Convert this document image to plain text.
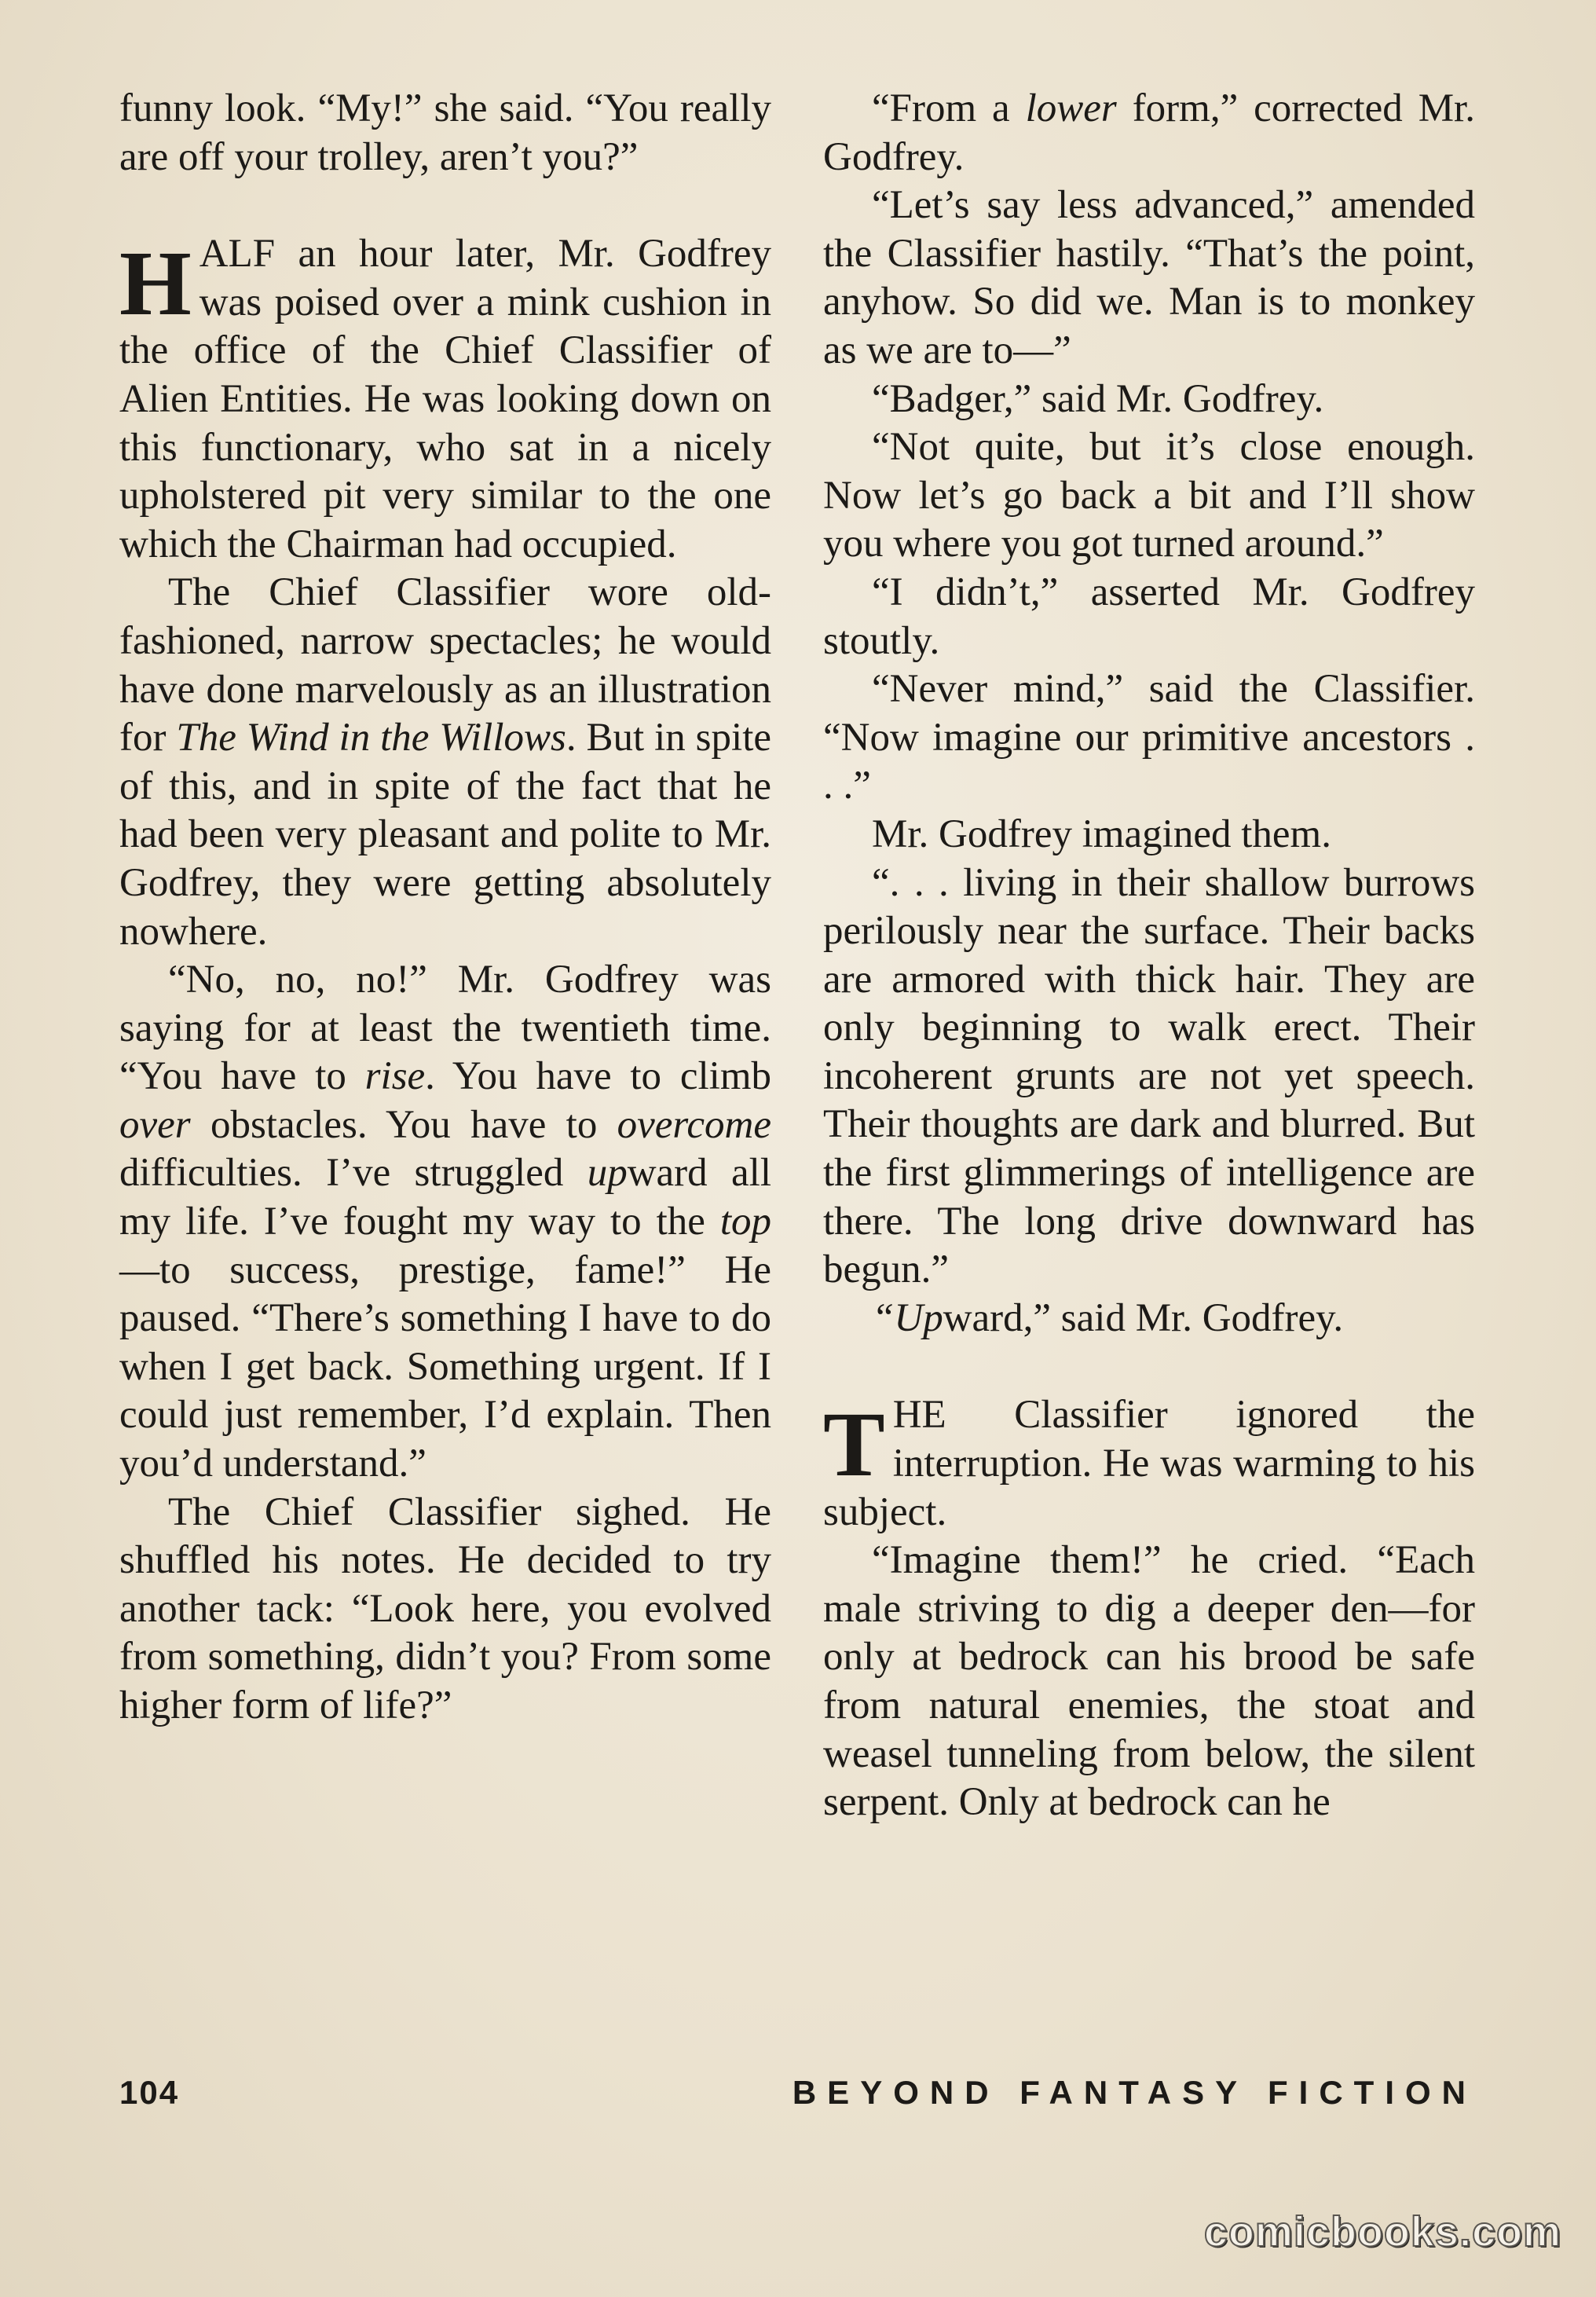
funny look. “My!” she said. “You really are off your trolley, aren’t you?”

HALF an hour later, Mr. Godfrey was poised over a mink cushion in the office of the Chief Classifier of Alien Entities. He was looking down on this functionary, who sat in a nicely upholstered pit very similar to the one which the Chairman had occupied.

The Chief Classifier wore old-fashioned, narrow spectacles; he would have done marvelously as an illustration for The Wind in the Willows. But in spite of this, and in spite of the fact that he had been very pleasant and polite to Mr. Godfrey, they were getting absolutely nowhere.

“No, no, no!” Mr. Godfrey was saying for at least the twentieth time. “You have to rise. You have to climb over obstacles. You have to overcome difficulties. I’ve struggled upward all my life. I’ve fought my way to the top—to success, prestige, fame!” He paused. “There’s something I have to do when I get back. Something urgent. If I could just remember, I’d explain. Then you’d understand.”

The Chief Classifier sighed. He shuffled his notes. He decided to try another tack: “Look here, you evolved from something, didn’t you? From some higher form of life?”

“From a lower form,” corrected Mr. Godfrey.

“Let’s say less advanced,” amended the Classifier hastily. “That’s the point, anyhow. So did we. Man is to monkey as we are to—”

“Badger,” said Mr. Godfrey.

“Not quite, but it’s close enough. Now let’s go back a bit and I’ll show you where you got turned around.”

“I didn’t,” asserted Mr. Godfrey stoutly.

“Never mind,” said the Classifier. “Now imagine our primitive ancestors . . .”

Mr. Godfrey imagined them.

“. . . living in their shallow burrows perilously near the surface. Their backs are armored with thick hair. They are only beginning to walk erect. Their incoherent grunts are not yet speech. Their thoughts are dark and blurred. But the first glimmerings of intelligence are there. The long drive downward has begun.”

“Upward,” said Mr. Godfrey.

THE Classifier ignored the interruption. He was warming to his subject.

“Imagine them!” he cried. “Each male striving to dig a deeper den—for only at bedrock can his brood be safe from natural enemies, the stoat and weasel tunneling from below, the silent serpent. Only at bedrock can he

104	BEYOND FANTASY FICTION
comicbooks.com
